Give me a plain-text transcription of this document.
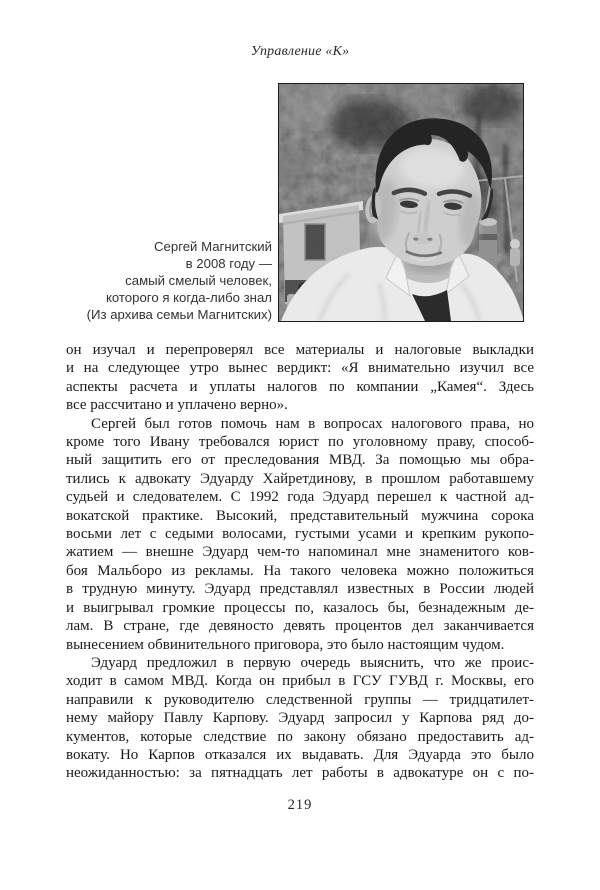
Управление «К»
Сергей Магнитский
в 2008 году —
самый смелый человек,
которого я когда-либо знал
(Из архива семьи Магнитских)
он изучал и перепроверял все материалы и налоговые выкладки
и на следующее утро вынес вердикт: «Я внимательно изучил все
аспекты расчета и уплаты налогов по компании „Камея“. Здесь
все рассчитано и уплачено верно».
Сергей был готов помочь нам в вопросах налогового права, но
кроме того Ивану требовался юрист по уголовному праву, способ-
ный защитить его от преследования МВД. За помощью мы обра-
тились к адвокату Эдуарду Хайретдинову, в прошлом работавшему
судьей и следователем. С 1992 года Эдуард перешел к частной ад-
вокатской практике. Высокий, представительный мужчина сорока
восьми лет с седыми волосами, густыми усами и крепким рукопо-
жатием — внешне Эдуард чем-то напоминал мне знаменитого ков-
боя Мальборо из рекламы. На такого человека можно положиться
в трудную минуту. Эдуард представлял известных в России людей
и выигрывал громкие процессы по, казалось бы, безнадежным де-
лам. В стране, где девяносто девять процентов дел заканчивается
вынесением обвинительного приговора, это было настоящим чудом.
Эдуард предложил в первую очередь выяснить, что же проис-
ходит в самом МВД. Когда он прибыл в ГСУ ГУВД г. Москвы, его
направили к руководителю следственной группы — тридцатилет-
нему майору Павлу Карпову. Эдуард запросил у Карпова ряд до-
кументов, которые следствие по закону обязано предоставить ад-
вокату. Но Карпов отказался их выдавать. Для Эдуарда это было
неожиданностью: за пятнадцать лет работы в адвокатуре он с по-
219
